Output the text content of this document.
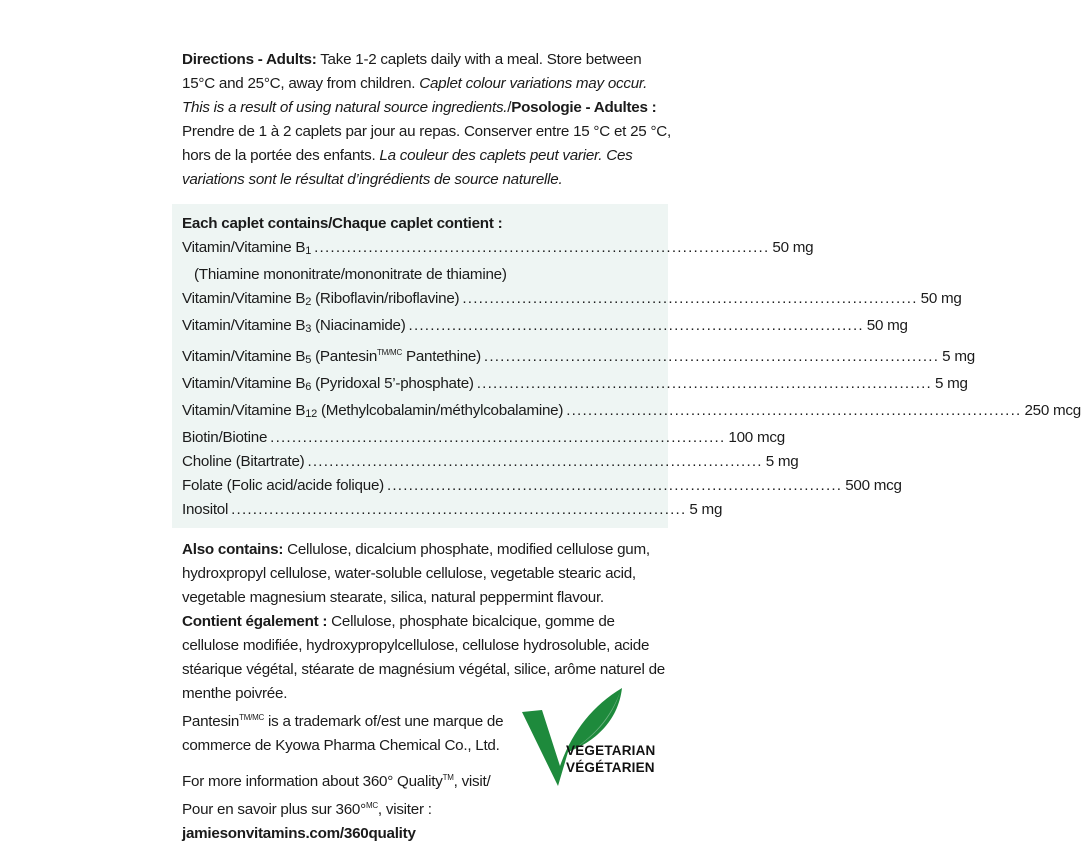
Directions - Adults: Take 1-2 caplets daily with a meal. Store between 15°C and 25°C, away from children. Caplet colour variations may occur. This is a result of using natural source ingredients./Posologie - Adultes : Prendre de 1 à 2 caplets par jour au repas. Conserver entre 15 °C et 25 °C, hors de la portée des enfants. La couleur des caplets peut varier. Ces variations sont le résultat d’ingrédients de source naturelle.

Each caplet contains/Chaque caplet contient :
Vitamin/Vitamine $B_1$ .................................................................................... 50 mg
(Thiamine mononitrate/mononitrate de thiamine)
Vitamin/Vitamine $B_2$ (Riboflavin/riboflavine) .................................................................................... 50 mg
Vitamin/Vitamine $B_3$ (Niacinamide) .................................................................................... 50 mg
Vitamin/Vitamine $B_5$ (Pantesin$^{TM/MC}$ Pantethine) .................................................................................... 5 mg
Vitamin/Vitamine $B_6$ (Pyridoxal 5’-phosphate) .................................................................................... 5 mg
Vitamin/Vitamine $B_{12}$ (Methylcobalamin/méthylcobalamine) .................................................................................... 250 mcg
Biotin/Biotine .................................................................................... 100 mcg
Choline (Bitartrate) .................................................................................... 5 mg
Folate (Folic acid/acide folique) .................................................................................... 500 mcg
Inositol .................................................................................... 5 mg

Also contains: Cellulose, dicalcium phosphate, modified cellulose gum, hydroxpropyl cellulose, water-soluble cellulose, vegetable stearic acid, vegetable magnesium stearate, silica, natural peppermint flavour.

Contient également : Cellulose, phosphate bicalcique, gomme de cellulose modifiée, hydroxypropylcellulose, cellulose hydrosoluble, acide stéarique végétal, stéarate de magnésium végétal, silice, arôme naturel de menthe poivrée.

Pantesin$^{TM/MC}$ is a trademark of/est une marque de commerce de Kyowa Pharma Chemical Co., Ltd.

For more information about 360° Quality™, visit/
Pour en savoir plus sur 360°$^{MC}$, visiter :
jamiesonvitamins.com/360quality

VEGETARIAN
VÉGÉTARIEN
